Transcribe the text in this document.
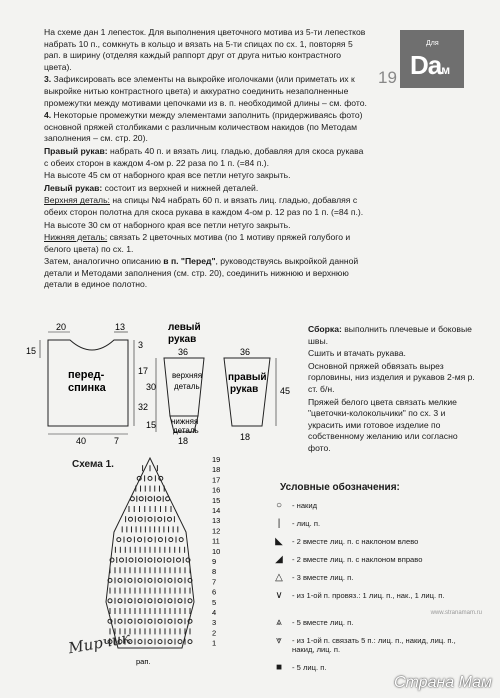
На схеме дан 1 лепесток. Для выполнения цветочного мотива из 5-ти лепестков набрать 10 п., сомкнуть в кольцо и вязать на 5-ти спицах по сх. 1, повторяя 5 рап. в ширину (отделяя каждый раппорт друг от друга нитью контрастного цвета).

3. Зафиксировать все элементы на выкройке иголочками (или приметать их к выкройке нитью контрастного цвета) и аккуратно соединить незаполненные промежутки между мотивами цепочками из в. п. необходимой длины – см. фото.

4. Некоторые промежутки между элементами заполнить (придерживаясь фото) основной пряжей столбиками с различным количеством накидов (по Методам заполнения – см. стр. 20).

Правый рукав: набрать 40 п. и вязать лиц. гладью, добавляя для скоса рукава с обеих сторон в каждом 4-ом р. 22 раза по 1 п. (=84 п.).

На высоте 45 см от наборного края все петли нетуго закрыть.

Левый рукав: состоит из верхней и нижней деталей.

Верхняя деталь: на спицы №4 набрать 60 п. и вязать лиц. гладью, добавляя с обеих сторон полотна для скоса рукава в каждом 4-ом р. 12 раз по 1 п. (=84 п.).

На высоте 30 см от наборного края все петли нетуго закрыть.

Нижняя деталь: связать 2 цветочных мотива (по 1 мотиву пряжей голубого и белого цвета) по сх. 1.

Затем, аналогично описанию в п. "Перед", руководствуясь выкройкой данной детали и Методами заполнения (см. стр. 20), соединить нижнюю и верхнюю детали в единое полотно.

Для
Dам
19
20	13
15
3
17
32
40	7
перед-
спинка
левый
рукав
36
верхняя
деталь
30
нижняя
деталь
15
18
36
правый
рукав 45
18

Сборка: выполнить плечевые и боковые швы.

Сшить и втачать рукава.

Основной пряжей обвязать вырез горловины, низ изделия и рукавов 2-мя р. ст. б/н.

Пряжей белого цвета связать мелкие "цветочки-колокольчики" по сх. 3 и украсить ими готовое изделие по собственному желанию или согласно фото.

Схема 1.	19
18
17
16
15
14
13
12
11
10
9
8
7
6
5
4
3
2
1
рап.
Условные обозначения:
○	- накид
|	- лиц. п.
◣	- 2 вместе лиц. п. с наклоном влево
◢	- 2 вместе лиц. п. с наклоном вправо
△	- 3 вместе лиц. п.
∨	- из 1-ой п. провяз.: 1 лиц. п., нак., 1 лиц. п.
⩓	- 5 вместе лиц. п.
⩔	- из 1-ой п. связать 5 п.: лиц. п., накид, лиц. п., накид, лиц. п.
■	- 5 лиц. п.
Мирчик
www.stranamam.ru
Страна Мам
